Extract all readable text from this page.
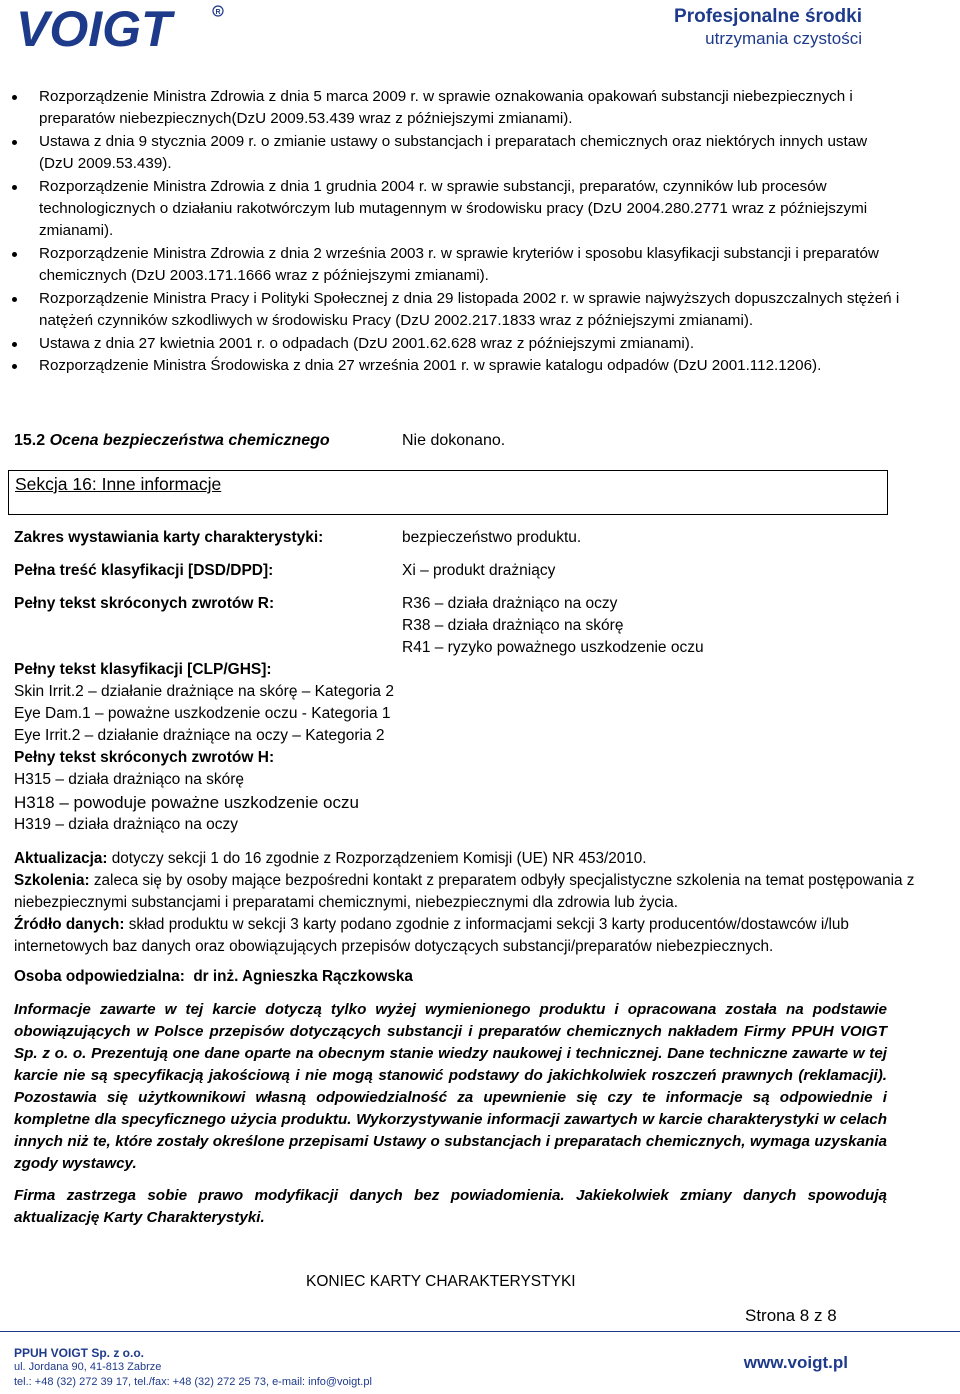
VOIGT	R	Profesjonalne środki
utrzymania czystości
Rozporządzenie Ministra Zdrowia z dnia 5 marca 2009 r. w sprawie oznakowania opakowań substancji niebezpiecznych i preparatów niebezpiecznych(DzU 2009.53.439 wraz z późniejszymi zmianami).
Ustawa z dnia 9 stycznia 2009 r. o zmianie ustawy o substancjach i preparatach chemicznych oraz niektórych innych ustaw (DzU 2009.53.439).
Rozporządzenie Ministra Zdrowia z dnia 1 grudnia 2004 r. w sprawie substancji, preparatów, czynników lub procesów technologicznych o działaniu rakotwórczym lub mutagennym w środowisku pracy (DzU 2004.280.2771 wraz z późniejszymi zmianami).
Rozporządzenie Ministra Zdrowia z dnia 2 września 2003 r. w sprawie kryteriów i sposobu klasyfikacji substancji i preparatów chemicznych (DzU 2003.171.1666 wraz z późniejszymi zmianami).
Rozporządzenie Ministra Pracy i Polityki Społecznej z dnia 29 listopada 2002 r. w sprawie najwyższych dopuszczalnych stężeń i natężeń czynników szkodliwych w środowisku Pracy (DzU 2002.217.1833 wraz z późniejszymi zmianami).
Ustawa z dnia 27 kwietnia 2001 r. o odpadach (DzU 2001.62.628 wraz z późniejszymi zmianami).
Rozporządzenie Ministra Środowiska z dnia 27 września 2001 r. w sprawie katalogu odpadów (DzU 2001.112.1206).
15.2 Ocena bezpieczeństwa chemicznego	Nie dokonano.
Sekcja 16: Inne informacje
Zakres wystawiania karty charakterystyki:	bezpieczeństwo produktu.
Pełna treść klasyfikacji [DSD/DPD]:	Xi – produkt drażniący
Pełny tekst skróconych zwrotów R:	R36 – działa drażniąco na oczy
R38 – działa drażniąco na skórę
R41 – ryzyko poważnego uszkodzenie oczu
Pełny tekst klasyfikacji [CLP/GHS]:
Skin Irrit.2 – działanie drażniące na skórę – Kategoria 2
Eye Dam.1 – poważne uszkodzenie oczu - Kategoria 1
Eye Irrit.2 – działanie drażniące na oczy – Kategoria 2
Pełny tekst skróconych zwrotów H:
H315 – działa drażniąco na skórę
H318 – powoduje poważne uszkodzenie oczu
H319 – działa drażniąco na oczy
Aktualizacja: dotyczy sekcji 1 do 16 zgodnie z Rozporządzeniem Komisji (UE) NR 453/2010.
Szkolenia: zaleca się by osoby mające bezpośredni kontakt z preparatem odbyły specjalistyczne szkolenia na temat postępowania z niebezpiecznymi substancjami i preparatami chemicznymi, niebezpiecznymi dla zdrowia lub życia.
Źródło danych: skład produktu w sekcji 3 karty podano zgodnie z informacjami sekcji 3 karty producentów/dostawców i/lub internetowych baz danych oraz obowiązujących przepisów dotyczących substancji/preparatów niebezpiecznych.
Osoba odpowiedzialna: dr inż. Agnieszka Rączkowska
Informacje zawarte w tej karcie dotyczą tylko wyżej wymienionego produktu i opracowana została na podstawie obowiązujących w Polsce przepisów dotyczących substancji i preparatów chemicznych nakładem Firmy PPUH VOIGT Sp. z o. o. Prezentują one dane oparte na obecnym stanie wiedzy naukowej i technicznej. Dane techniczne zawarte w tej karcie nie są specyfikacją jakościową i nie mogą stanowić podstawy do jakichkolwiek roszczeń prawnych (reklamacji). Pozostawia się użytkownikowi własną odpowiedzialność za upewnienie się czy te informacje są odpowiednie i kompletne dla specyficznego użycia produktu. Wykorzystywanie informacji zawartych w karcie charakterystyki w celach innych niż te, które zostały określone przepisami Ustawy o substancjach i preparatach chemicznych, wymaga uzyskania zgody wystawcy.
Firma zastrzega sobie prawo modyfikacji danych bez powiadomienia. Jakiekolwiek zmiany danych spowodują aktualizację Karty Charakterystyki.
KONIEC KARTY CHARAKTERYSTYKI
Strona 8 z 8
PPUH VOIGT Sp. z o.o.
ul. Jordana 90, 41-813 Zabrze
tel.: +48 (32) 272 39 17, tel./fax: +48 (32) 272 25 73, e-mail: info@voigt.pl
www.voigt.pl
